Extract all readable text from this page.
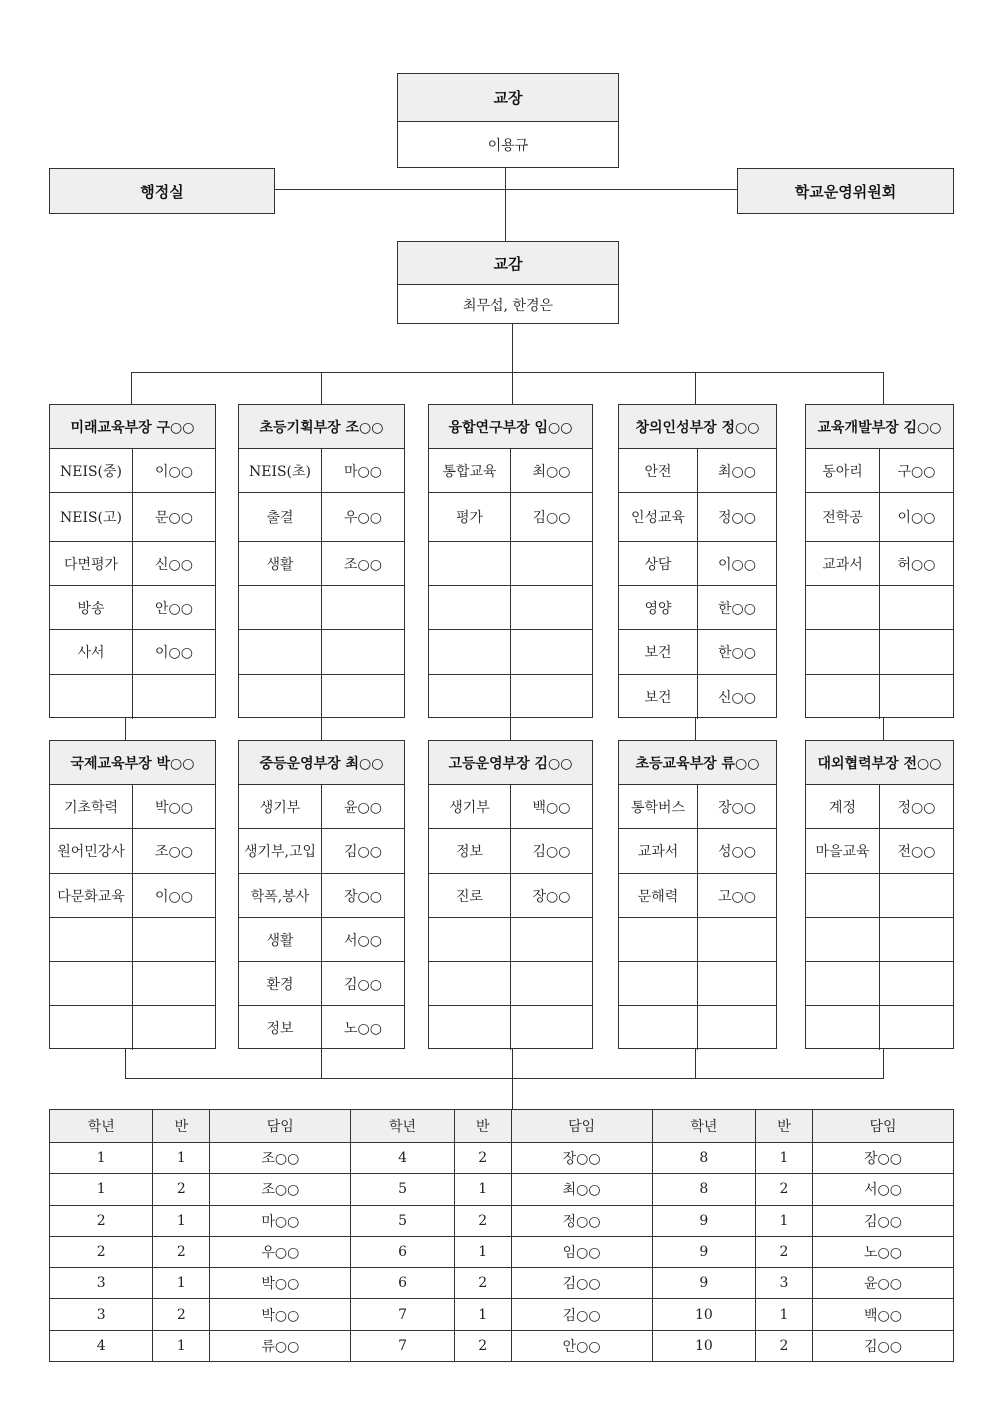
교장
이용규
행정실	학교운영위원회
교감
최무섭, 한경은
미래교육부장 구○○
NEIS(중)	이○○
NEIS(고)	문○○
다면평가	신○○
방송	안○○
사서	이○○
초등기획부장 조○○
NEIS(초)	마○○
출결	우○○
생활	조○○
융합연구부장 임○○
통합교육	최○○
평가	김○○
창의인성부장 정○○
안전	최○○
인성교육	정○○
상담	이○○
영양	한○○
보건	한○○
보건	신○○
교육개발부장 김○○
동아리	구○○
전학공	이○○
교과서	허○○
국제교육부장 박○○
기초학력	박○○
원어민강사	조○○
다문화교육	이○○
중등운영부장 최○○
생기부	윤○○
생기부,고입	김○○
학폭,봉사	장○○
생활	서○○
환경	김○○
정보	노○○
고등운영부장 김○○
생기부	백○○
정보	김○○
진로	장○○
초등교육부장 류○○
통학버스	장○○
교과서	성○○
문해력	고○○
대외협력부장 전○○
계정	정○○
마을교육	전○○
학년	반	담임	학년	반	담임	학년	반	담임
1	1	조○○	4	2	장○○	8	1	장○○
1	2	조○○	5	1	최○○	8	2	서○○
2	1	마○○	5	2	정○○	9	1	김○○
2	2	우○○	6	1	임○○	9	2	노○○
3	1	박○○	6	2	김○○	9	3	윤○○
3	2	박○○	7	1	김○○	10	1	백○○
4	1	류○○	7	2	안○○	10	2	김○○
